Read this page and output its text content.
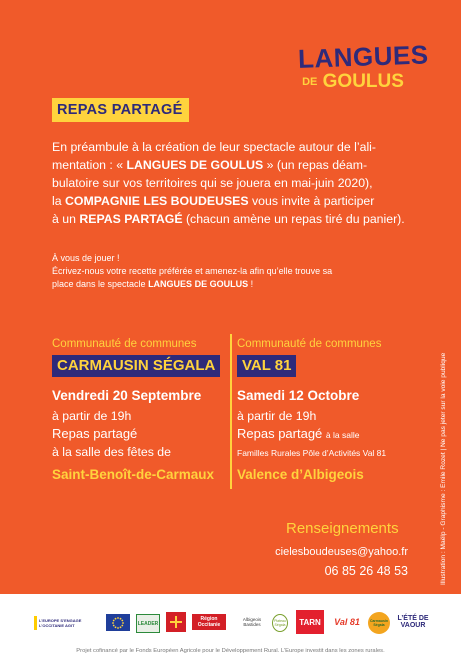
LANGUES
DE GOULUS
REPAS PARTAGÉ
En préambule à la création de leur spectacle autour de l’ali-
mentation : « LANGUES DE GOULUS » (un repas déam-
bulatoire sur vos territoires qui se jouera en mai-juin 2020),
la COMPAGNIE LES BOUDEUSES vous invite à participer
à un REPAS PARTAGÉ (chacun amène un repas tiré du panier).
À vous de jouer !
Écrivez-nous votre recette préférée et amenez-la afin qu’elle trouve sa
place dans le spectacle LANGUES DE GOULUS !
Communauté de communes
CARMAUSIN SÉGALA
Vendredi 20 Septembre
à partir de 19h
Repas partagé
à la salle des fêtes de
Saint-Benoît-de-Carmaux
Communauté de communes
VAL 81
Samedi 12 Octobre
à partir de 19h
Repas partagé à la salle
Familles Rurales Pôle d’Activités Val 81
Valence d’Albigeois
Renseignements
cielesboudeuses@yahoo.fr
06 85 26 48 53	Illustration : Maëlp - Graphisme : Emile Rozet | Ne pas jeter sur la voie publique
L’EUROPE S’ENGAGE L’OCCITANIE AGIT	LEADER
Région Occitanie
Albigeois Bastides
Plateau Ségala	TARN	Val 81	Carmausin Ségala
L’ÉTÉ DE VAOUR
Projet cofinancé par le Fonds Européen Agricole pour le Développement Rural. L’Europe investit dans les zones rurales.
